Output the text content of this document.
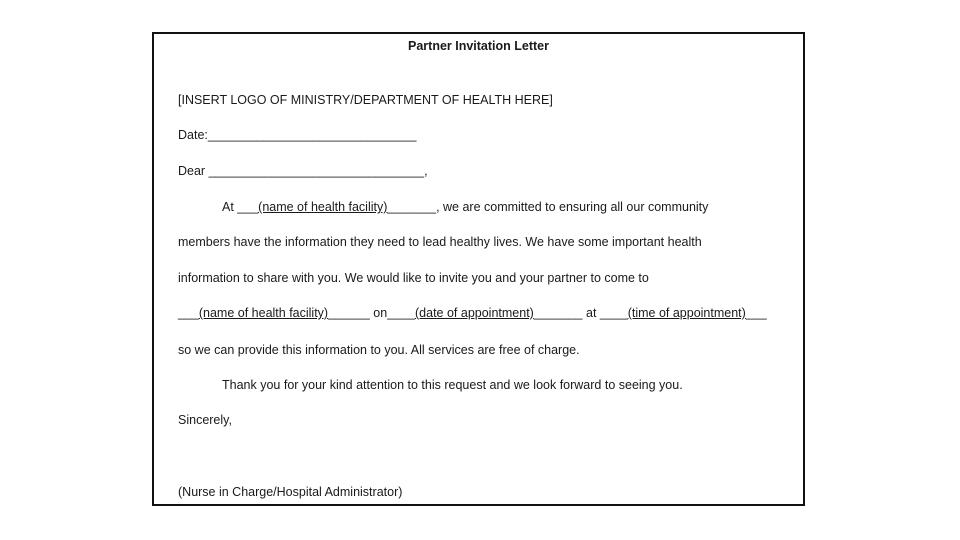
Partner Invitation Letter
[INSERT LOGO OF MINISTRY/DEPARTMENT OF HEALTH HERE]
Date:______________________________
Dear _______________________________,
At ___(name of health facility)_______, we are committed to ensuring all our community
members have the information they need to lead healthy lives. We have some important health
information to share with you. We would like to invite you and your partner to come to
___(name of health facility)______ on____(date of appointment)_______ at ____(time of appointment)___
so we can provide this information to you. All services are free of charge.
Thank you for your kind attention to this request and we look forward to seeing you.
Sincerely,
(Nurse in Charge/Hospital Administrator)
